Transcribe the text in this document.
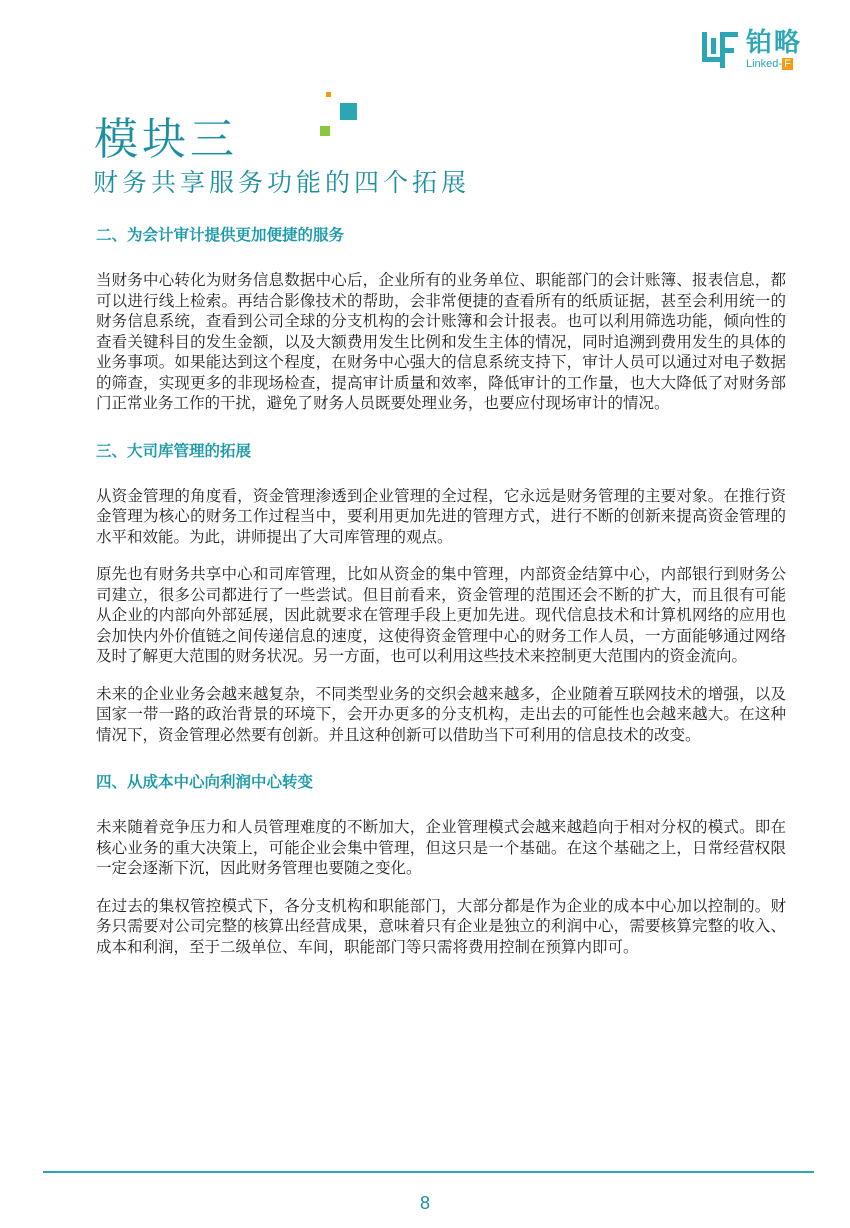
铂略
Linked- F
模块三
财务共享服务功能的四个拓展
二、为会计审计提供更加便捷的服务

当财务中心转化为财务信息数据中心后，企业所有的业务单位、职能部门的会计账簿、报表信息，都可以进行线上检索。再结合影像技术的帮助，会非常便捷的查看所有的纸质证据，甚至会利用统一的财务信息系统，查看到公司全球的分支机构的会计账簿和会计报表。也可以利用筛选功能，倾向性的查看关键科目的发生金额，以及大额费用发生比例和发生主体的情况，同时追溯到费用发生的具体的业务事项。如果能达到这个程度，在财务中心强大的信息系统支持下，审计人员可以通过对电子数据的筛查，实现更多的非现场检查，提高审计质量和效率，降低审计的工作量，也大大降低了对财务部门正常业务工作的干扰，避免了财务人员既要处理业务，也要应付现场审计的情况。

三、大司库管理的拓展

从资金管理的角度看，资金管理渗透到企业管理的全过程，它永远是财务管理的主要对象。在推行资金管理为核心的财务工作过程当中，要利用更加先进的管理方式，进行不断的创新来提高资金管理的水平和效能。为此，讲师提出了大司库管理的观点。

原先也有财务共享中心和司库管理，比如从资金的集中管理，内部资金结算中心，内部银行到财务公司建立，很多公司都进行了一些尝试。但目前看来，资金管理的范围还会不断的扩大，而且很有可能从企业的内部向外部延展，因此就要求在管理手段上更加先进。现代信息技术和计算机网络的应用也会加快内外价值链之间传递信息的速度，这使得资金管理中心的财务工作人员，一方面能够通过网络及时了解更大范围的财务状况。另一方面，也可以利用这些技术来控制更大范围内的资金流向。

未来的企业业务会越来越复杂，不同类型业务的交织会越来越多，企业随着互联网技术的增强，以及国家一带一路的政治背景的环境下，会开办更多的分支机构，走出去的可能性也会越来越大。在这种情况下，资金管理必然要有创新。并且这种创新可以借助当下可利用的信息技术的改变。

四、从成本中心向利润中心转变

未来随着竞争压力和人员管理难度的不断加大，企业管理模式会越来越趋向于相对分权的模式。即在核心业务的重大决策上，可能企业会集中管理，但这只是一个基础。在这个基础之上，日常经营权限一定会逐渐下沉，因此财务管理也要随之变化。

在过去的集权管控模式下，各分支机构和职能部门，大部分都是作为企业的成本中心加以控制的。财务只需要对公司完整的核算出经营成果，意味着只有企业是独立的利润中心，需要核算完整的收入、成本和利润，至于二级单位、车间，职能部门等只需将费用控制在预算内即可。

8
